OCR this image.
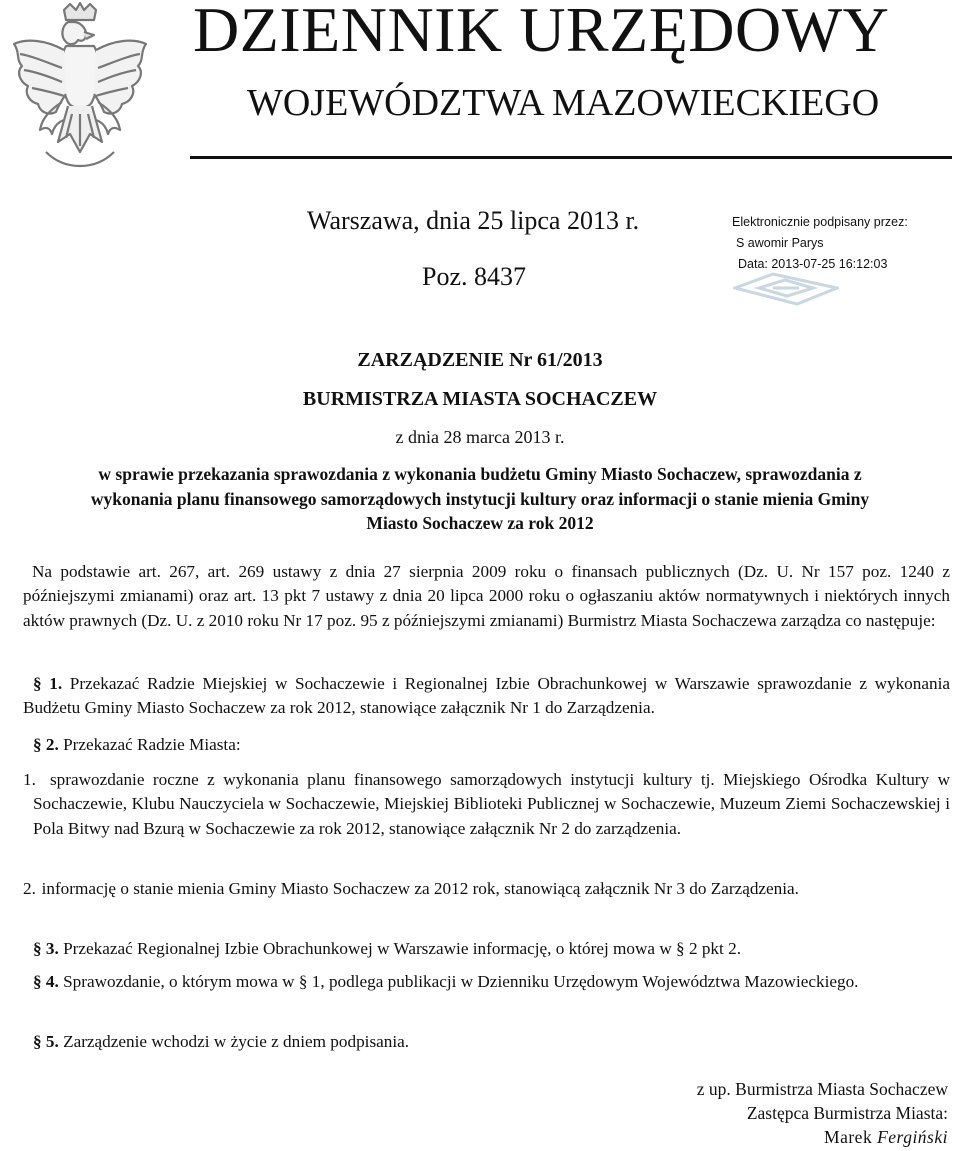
DZIENNIK URZĘDOWY
WOJEWÓDZTWA MAZOWIECKIEGO
Warszawa, dnia 25 lipca 2013 r.
Poz. 8437
Elektronicznie podpisany przez:
S awomir Parys
Data: 2013-07-25 16:12:03
ZARZĄDZENIE Nr 61/2013
BURMISTRZA MIASTA SOCHACZEW
z dnia 28 marca 2013 r.
w sprawie przekazania sprawozdania z wykonania budżetu Gminy Miasto Sochaczew, sprawozdania z wykonania planu finansowego samorządowych instytucji kultury oraz informacji o stanie mienia Gminy Miasto Sochaczew za rok 2012
Na podstawie art. 267, art. 269 ustawy z dnia 27 sierpnia 2009 roku o finansach publicznych (Dz. U. Nr 157 poz. 1240 z późniejszymi zmianami) oraz art. 13 pkt 7 ustawy z dnia 20 lipca 2000 roku o ogłaszaniu aktów normatywnych i niektórych innych aktów prawnych (Dz. U. z 2010 roku Nr 17 poz. 95 z późniejszymi zmianami) Burmistrz Miasta Sochaczewa zarządza co następuje:
§ 1. Przekazać Radzie Miejskiej w Sochaczewie i Regionalnej Izbie Obrachunkowej w Warszawie sprawozdanie z wykonania Budżetu Gminy Miasto Sochaczew za rok 2012, stanowiące załącznik Nr 1 do Zarządzenia.
§ 2. Przekazać Radzie Miasta:
1. sprawozdanie roczne z wykonania planu finansowego samorządowych instytucji kultury tj. Miejskiego Ośrodka Kultury w Sochaczewie, Klubu Nauczyciela w Sochaczewie, Miejskiej Biblioteki Publicznej w Sochaczewie, Muzeum Ziemi Sochaczewskiej i Pola Bitwy nad Bzurą w Sochaczewie za rok 2012, stanowiące załącznik Nr 2 do zarządzenia.
2. informację o stanie mienia Gminy Miasto Sochaczew za 2012 rok, stanowiącą załącznik Nr 3 do Zarządzenia.
§ 3. Przekazać Regionalnej Izbie Obrachunkowej w Warszawie informację, o której mowa w § 2 pkt 2.
§ 4. Sprawozdanie, o którym mowa w § 1, podlega publikacji w Dzienniku Urzędowym Województwa Mazowieckiego.
§ 5. Zarządzenie wchodzi w życie z dniem podpisania.
z up. Burmistrza Miasta Sochaczew
Zastępca Burmistrza Miasta:
Marek Fergiński
